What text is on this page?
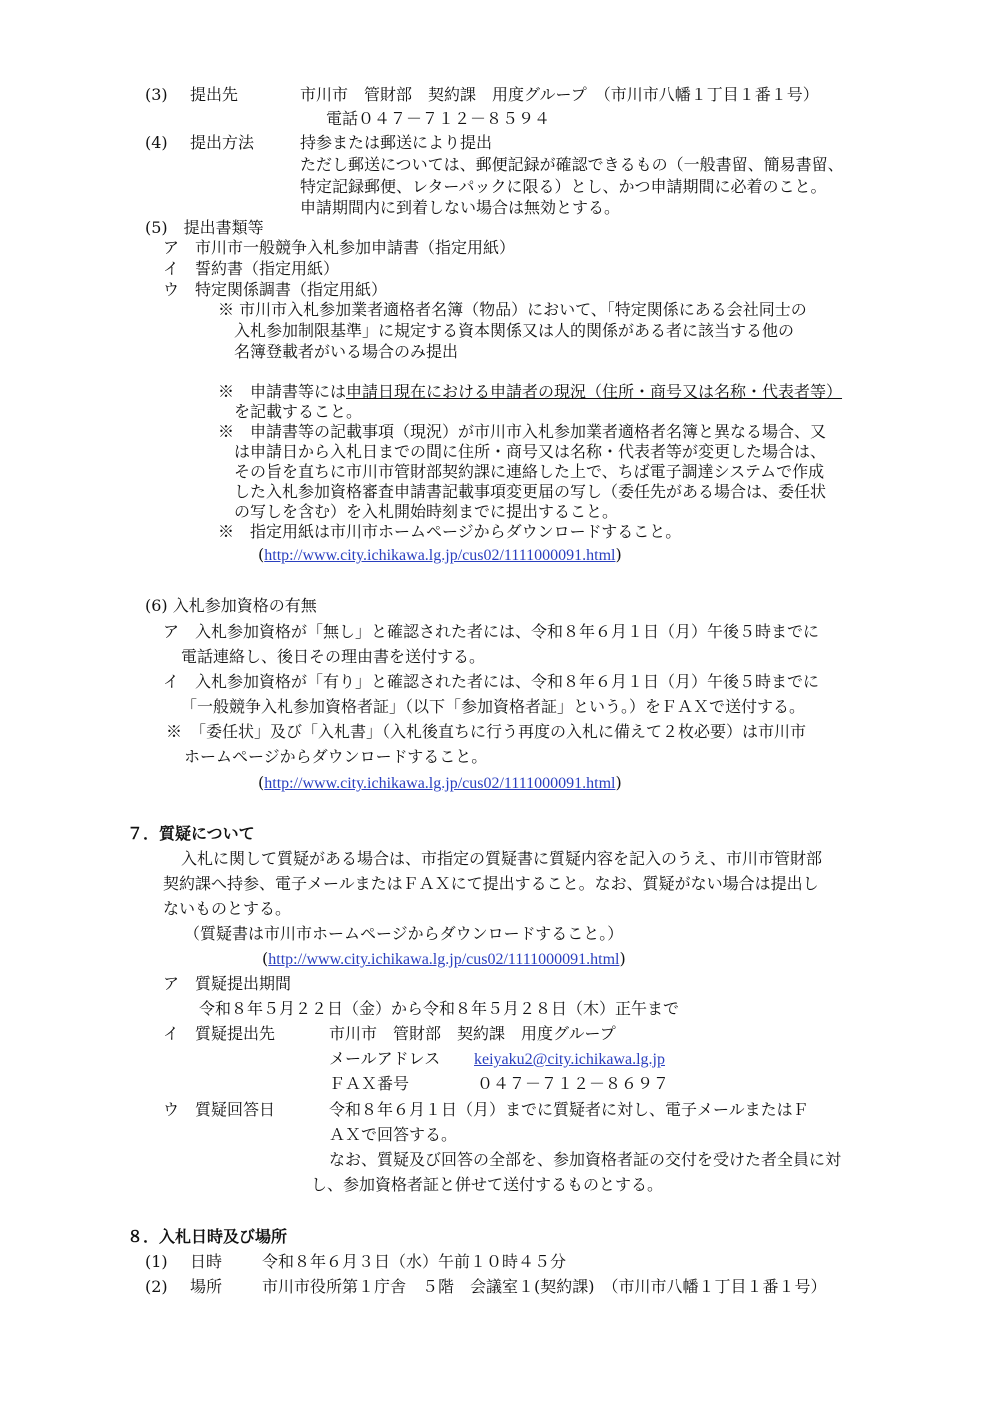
(3) 提出先	市川市　管財部　契約課　用度グループ　（市川市八幡１丁目１番１号）
電話０４７－７１２－８５９４
(4) 提出方法	持参または郵送により提出
ただし郵送については、郵便記録が確認できるもの（一般書留、簡易書留、
特定記録郵便、レターパックに限る）とし、かつ申請期間に必着のこと。
申請期間内に到着しない場合は無効とする。
(5)　提出書類等
ア　市川市一般競争入札参加申請書（指定用紙）
イ　誓約書（指定用紙）
ウ　特定関係調書（指定用紙）
※ 市川市入札参加業者適格者名簿（物品）において、「特定関係にある会社同士の
入札参加制限基準」に規定する資本関係又は人的関係がある者に該当する他の
名簿登載者がいる場合のみ提出
※　申請書等には申請日現在における申請者の現況（住所・商号又は名称・代表者等）
を記載すること。
※　申請書等の記載事項（現況）が市川市入札参加業者適格者名簿と異なる場合、又
は申請日から入札日までの間に住所・商号又は名称・代表者等が変更した場合は、
その旨を直ちに市川市管財部契約課に連絡した上で、ちば電子調達システムで作成
した入札参加資格審査申請書記載事項変更届の写し（委任先がある場合は、委任状
の写しを含む）を入札開始時刻までに提出すること。
※　指定用紙は市川市ホームページからダウンロードすること。
(http://www.city.ichikawa.lg.jp/cus02/1111000091.html)
(6) 入札参加資格の有無
ア　入札参加資格が「無し」と確認された者には、令和８年６月１日（月）午後５時までに
電話連絡し、後日その理由書を送付する。
イ　入札参加資格が「有り」と確認された者には、令和８年６月１日（月）午後５時までに
「一般競争入札参加資格者証」（以下「参加資格者証」という。）をＦＡＸで送付する。
※　「委任状」及び「入札書」（入札後直ちに行う再度の入札に備えて２枚必要）は市川市
ホームページからダウンロードすること。
(http://www.city.ichikawa.lg.jp/cus02/1111000091.html)
７．質疑について
入札に関して質疑がある場合は、市指定の質疑書に質疑内容を記入のうえ、市川市管財部
契約課へ持参、電子メールまたはＦＡＸにて提出すること。なお、質疑がない場合は提出し
ないものとする。
（質疑書は市川市ホームページからダウンロードすること。）
(http://www.city.ichikawa.lg.jp/cus02/1111000091.html)
ア　質疑提出期間
令和８年５月２２日（金）から令和８年５月２８日（木）正午まで
イ　質疑提出先	市川市　管財部　契約課　用度グループ
メールアドレス keiyaku2@city.ichikawa.lg.jp
ＦＡＸ番号	０４７－７１２－８６９７
ウ　質疑回答日	令和８年６月１日（月）までに質疑者に対し、電子メールまたはＦ
ＡＸで回答する。
なお、質疑及び回答の全部を、参加資格者証の交付を受けた者全員に対
し、参加資格者証と併せて送付するものとする。
８．入札日時及び場所
(1) 日時 令和８年６月３日（水）午前１０時４５分
(2) 場所 市川市役所第１庁舎　５階　会議室１(契約課)　（市川市八幡１丁目１番１号）
